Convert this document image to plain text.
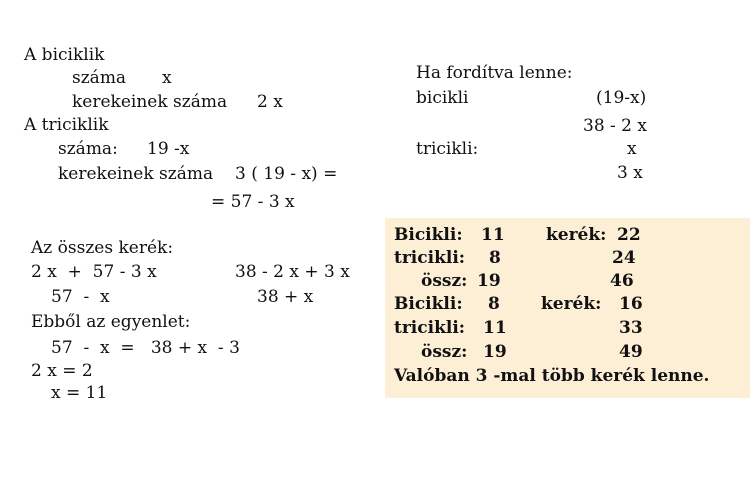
A biciklik
száma x
kerekeinek száma 2 x
A triciklik
száma: 19 -x
kerekeinek száma 3 ( 19 - x) =
= 57 - 3 x
Ha fordítva lenne:
bicikli	(19-x)
38 - 2 x
tricikli:	x
3 x
Az összes kerék:
2 x  +  57 - 3 x	38 - 2 x + 3 x
57  -  x	38 + x
Ebből az egyenlet:
57  -  x  =   38 + x  - 3
2 x = 2
x = 11
Bicikli: 11 kerék: 22
tricikli: 8	24
össz: 19	46
Bicikli: 8 kerék: 16
tricikli: 11	33
össz: 19	49
Valóban 3 -mal több kerék lenne.
